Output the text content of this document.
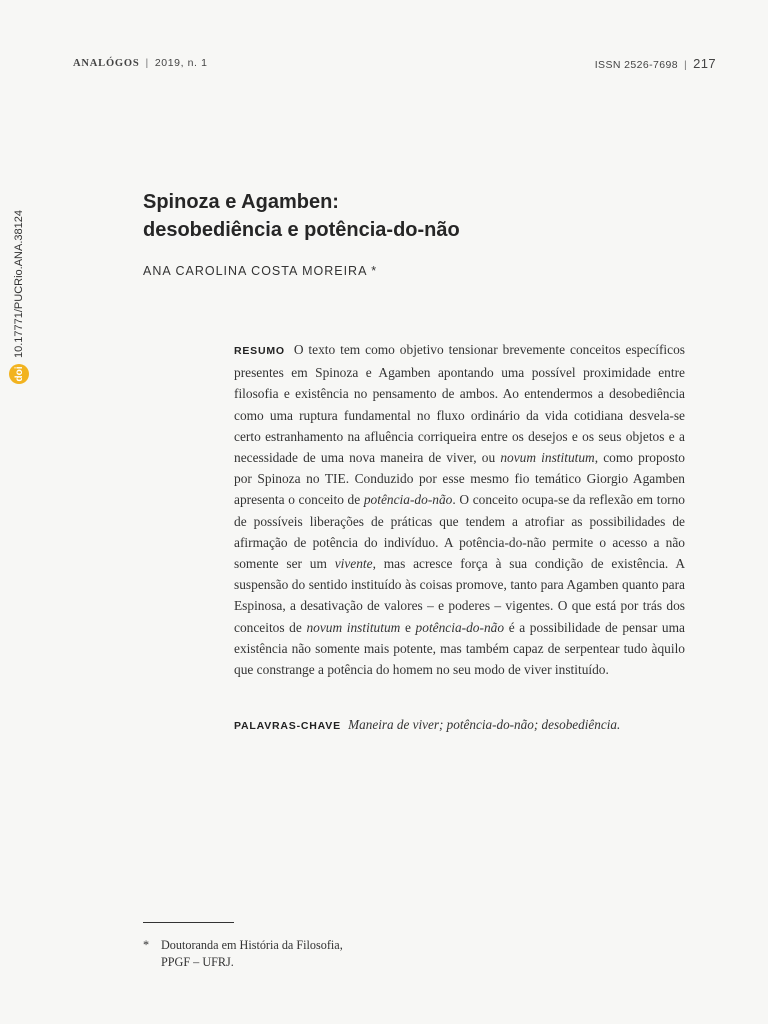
ANALÓGOS | 2019, n. 1	ISSN 2526-7698 | 217
doi
10.17771/PUCRio.ANA.38124
Spinoza e Agamben:
desobediência e potência-do-não
ANA CAROLINA COSTA MOREIRA *

RESUMO O texto tem como objetivo tensionar brevemente conceitos específicos presentes em Spinoza e Agamben apontando uma possível proximidade entre filosofia e existência no pensamento de ambos. Ao entendermos a desobediência como uma ruptura fundamental no fluxo ordinário da vida cotidiana desvela-se certo estranhamento na afluência corriqueira entre os desejos e os seus objetos e a necessidade de uma nova maneira de viver, ou novum institutum, como proposto por Spinoza no TIE. Conduzido por esse mesmo fio temático Giorgio Agamben apresenta o conceito de potência-do-não. O conceito ocupa-se da reflexão em torno de possíveis liberações de práticas que tendem a atrofiar as possibilidades de afirmação de potência do indivíduo. A potência-do-não permite o acesso a não somente ser um vivente, mas acresce força à sua condição de existência. A suspensão do sentido instituído às coisas promove, tanto para Agamben quanto para Espinosa, a desativação de valores – e poderes – vigentes. O que está por trás dos conceitos de novum institutum e potência-do-não é a possibilidade de pensar uma existência não somente mais potente, mas também capaz de serpentear tudo àquilo que constrange a potência do homem no seu modo de viver instituído.

PALAVRAS-CHAVE Maneira de viver; potência-do-não; desobediência.
* Doutoranda em História da Filosofia,
PPGF – UFRJ.
